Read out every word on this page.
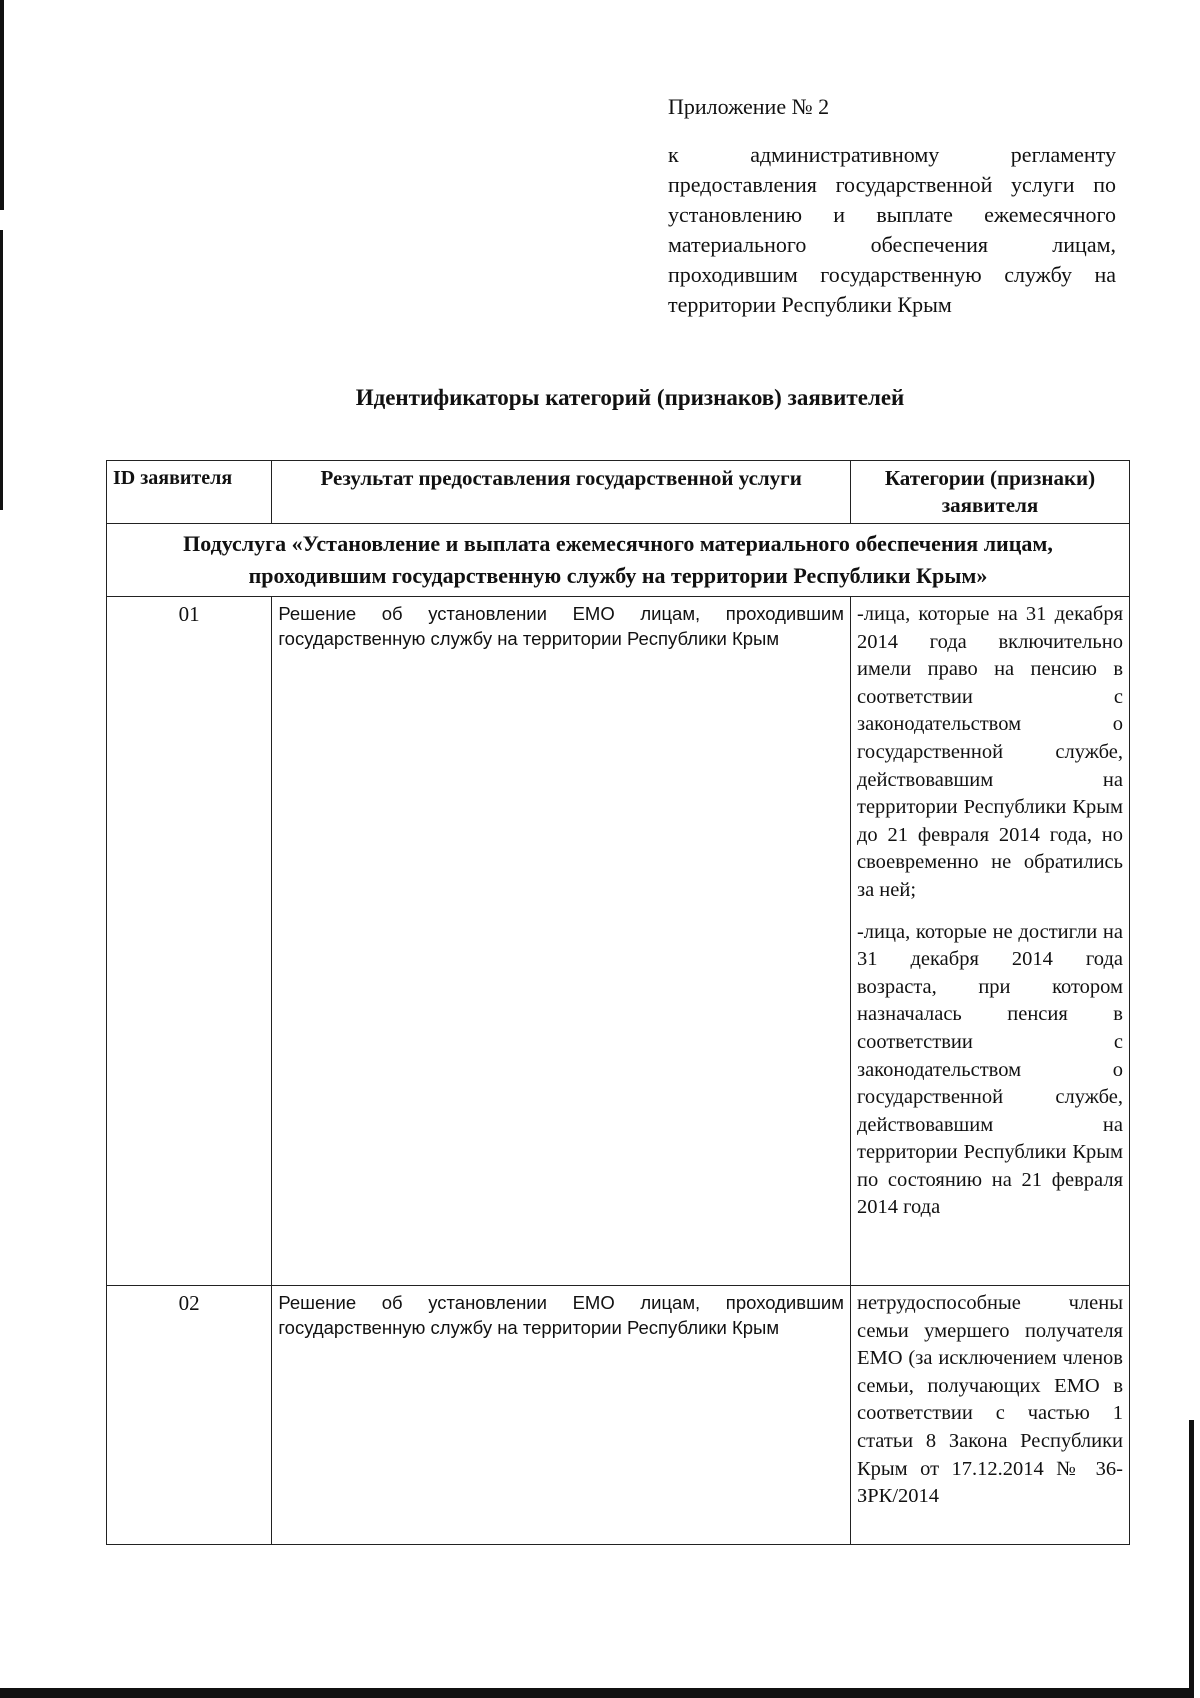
Приложение № 2
к административному регламенту предоставления государственной услуги по установлению и выплате ежемесячного материального обеспечения лицам, проходившим государственную службу на территории Республики Крым
Идентификаторы категорий (признаков) заявителей
ID заявителя	Результат предоставления государственной услуги	Категории (признаки) заявителя
Подуслуга «Установление и выплата ежемесячного материального обеспечения лицам, проходившим государственную службу на территории Республики Крым»		
01	Решение об установлении ЕМО лицам, проходившим государственную службу на территории Республики Крым	-лица, которые на 31 декабря 2014 года включительно имели право на пенсию в соответствии с законодательством о государственной службе, действовавшим на территории Республики Крым до 21 февраля 2014 года, но своевременно не обратились за ней;
-лица, которые не достигли на 31 декабря 2014 года возраста, при котором назначалась пенсия в соответствии с законодательством о государственной службе, действовавшим на территории Республики Крым по состоянию на 21 февраля 2014 года

02	Решение об установлении ЕМО лицам, проходившим государственную службу на территории Республики Крым	нетрудоспособные члены семьи умершего получателя ЕМО (за исключением членов семьи, получающих ЕМО в соответствии с частью 1 статьи 8 Закона Республики Крым от 17.12.2014 № 36-ЗРК/2014
